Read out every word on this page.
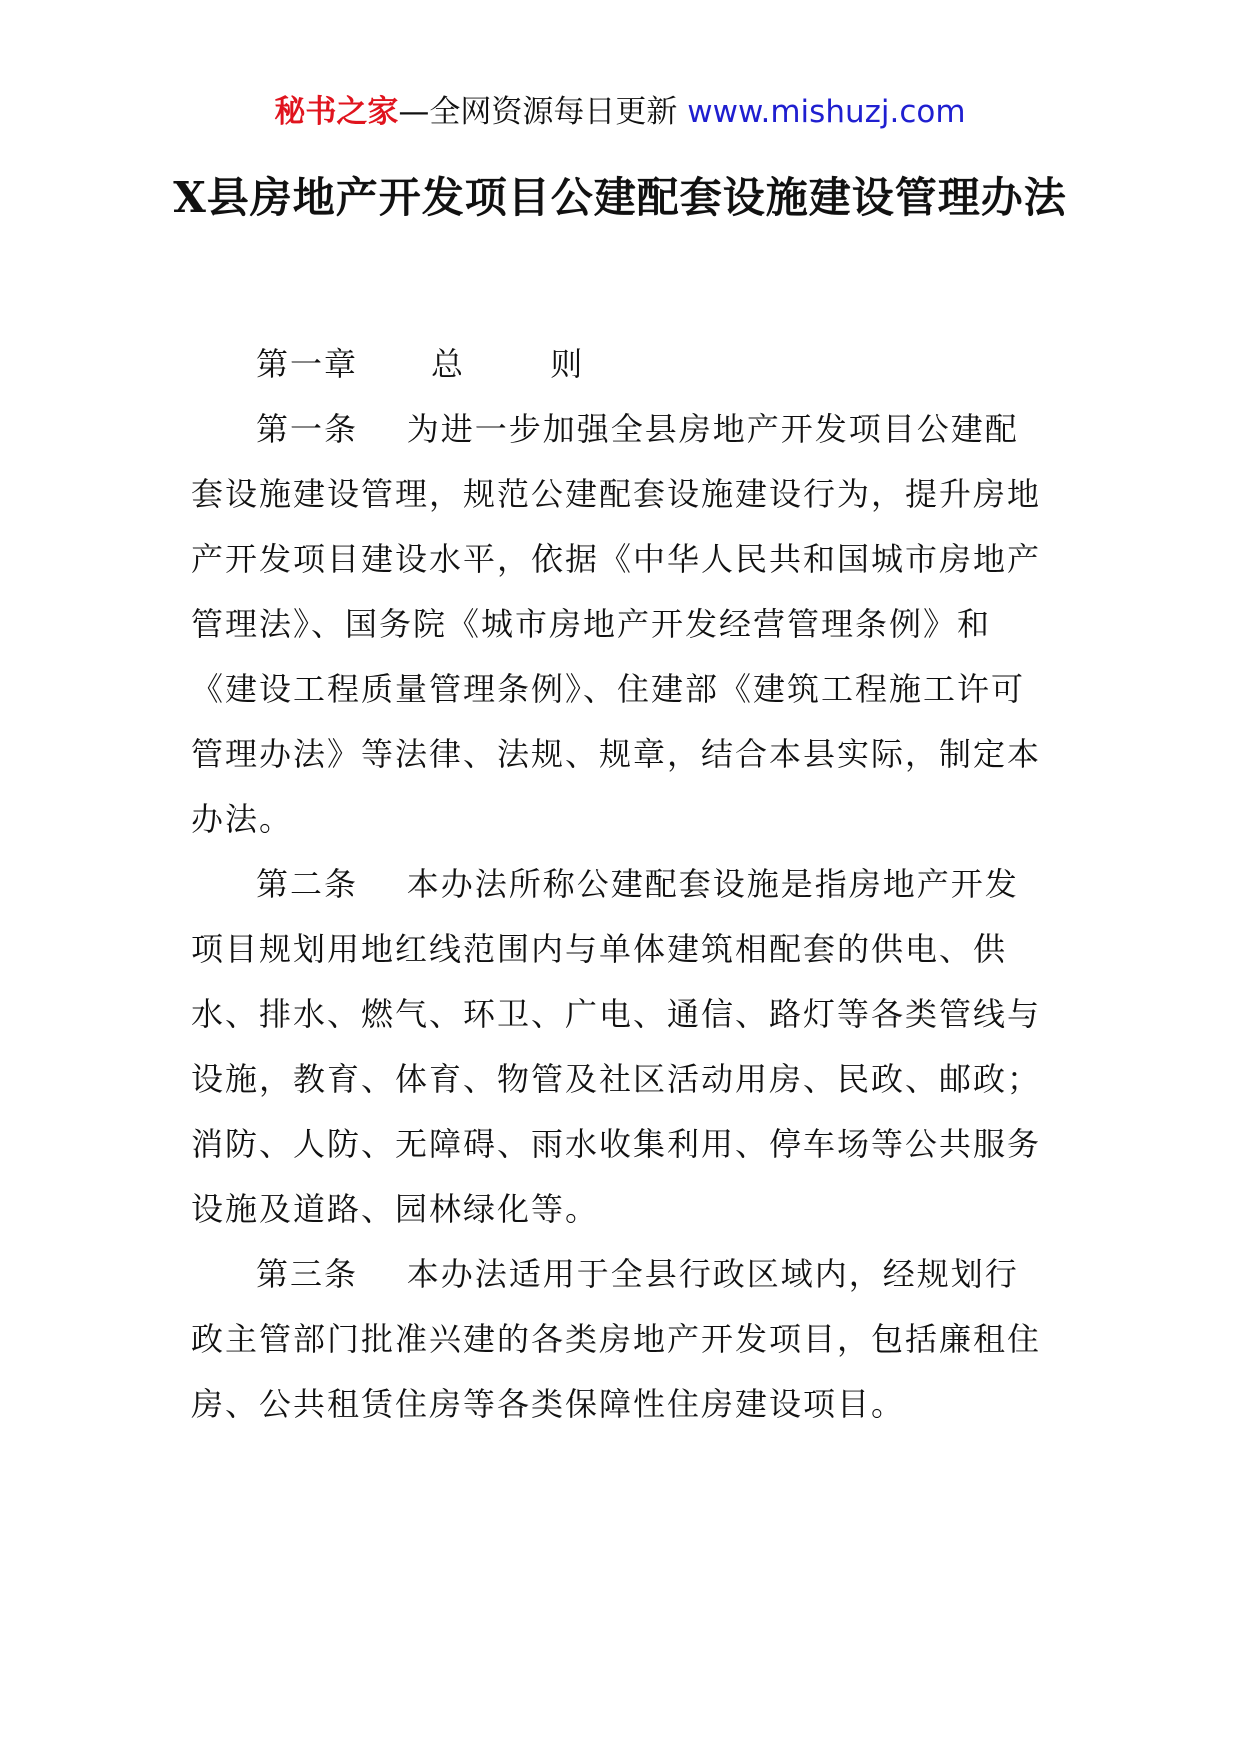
秘书之家—全网资源每日更新 www.mishuzj.com
X县房地产开发项目公建配套设施建设管理办法

第一章 总	则

第一条 为进一步加强全县房地产开发项目公建配套设施建设管理，规范公建配套设施建设行为，提升房地产开发项目建设水平，依据《中华人民共和国城市房地产管理法》、国务院《城市房地产开发经营管理条例》和《建设工程质量管理条例》、住建部《建筑工程施工许可管理办法》等法律、法规、规章，结合本县实际，制定本办法。

第二条 本办法所称公建配套设施是指房地产开发项目规划用地红线范围内与单体建筑相配套的供电、供水、排水、燃气、环卫、广电、通信、路灯等各类管线与设施，教育、体育、物管及社区活动用房、民政、邮政；消防、人防、无障碍、雨水收集利用、停车场等公共服务设施及道路、园林绿化等。

第三条 本办法适用于全县行政区域内，经规划行政主管部门批准兴建的各类房地产开发项目，包括廉租住房、公共租赁住房等各类保障性住房建设项目。
